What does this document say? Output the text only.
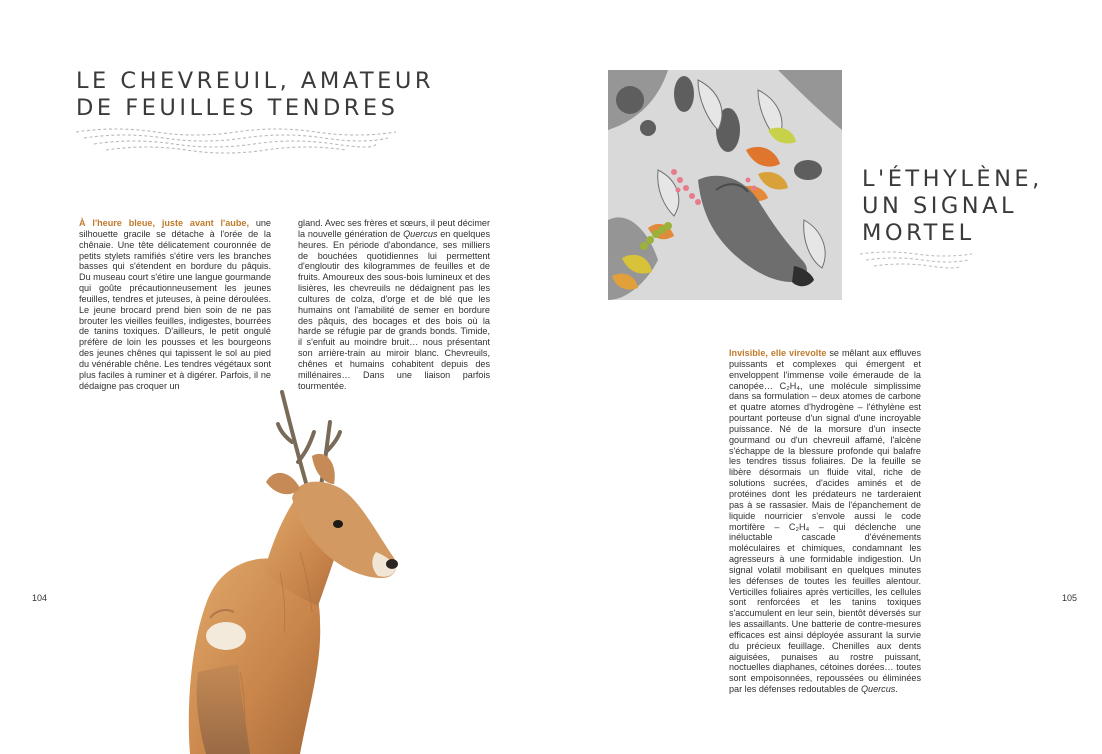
LE CHEVREUIL, AMATEUR
DE FEUILLES TENDRES

À l'heure bleue, juste avant l'aube, une silhouette gracile se détache à l'orée de la chênaie. Une tête délicatement couronnée de petits stylets ramifiés s'étire vers les branches basses qui s'étendent en bordure du pâquis. Du museau court s'étire une langue gourmande qui goûte précautionneusement les jeunes feuilles, tendres et juteuses, à peine déroulées. Le jeune brocard prend bien soin de ne pas brouter les vieilles feuilles, indigestes, bourrées de tanins toxiques. D'ailleurs, le petit ongulé préfère de loin les pousses et les bourgeons des jeunes chênes qui tapissent le sol au pied du vénérable chêne. Les tendres végétaux sont plus faciles à ruminer et à digérer. Parfois, il ne dédaigne pas croquer un

gland. Avec ses frères et sœurs, il peut décimer la nouvelle génération de Quercus en quelques heures. En période d'abondance, ses milliers de bouchées quotidiennes lui permettent d'engloutir des kilogrammes de feuilles et de fruits. Amoureux des sous-bois lumineux et des lisières, les chevreuils ne dédaignent pas les cultures de colza, d'orge et de blé que les humains ont l'amabilité de semer en bordure des pâquis, des bocages et des bois où la harde se réfugie par de grands bonds. Timide, il s'enfuit au moindre bruit… nous présentant son arrière-train au miroir blanc. Chevreuils, chênes et humains cohabitent depuis des millénaires… Dans une liaison parfois tourmentée.

104
L'ÉTHYLÈNE,
UN SIGNAL
MORTEL

Invisible, elle virevolte se mêlant aux effluves puissants et complexes qui émergent et enveloppent l'immense voile émeraude de la canopée… C₂H₄, une molécule simplissime dans sa formulation – deux atomes de carbone et quatre atomes d'hydrogène – l'éthylène est pourtant porteuse d'un signal d'une incroyable puissance. Né de la morsure d'un insecte gourmand ou d'un chevreuil affamé, l'alcène s'échappe de la blessure profonde qui balafre les tendres tissus foliaires. De la feuille se libère désormais un fluide vital, riche de solutions sucrées, d'acides aminés et de protéines dont les prédateurs ne tarderaient pas à se rassasier. Mais de l'épanchement de liquide nourricier s'envole aussi le code mortifère – C₂H₄ – qui déclenche une inéluctable cascade d'événements moléculaires et chimiques, condamnant les agresseurs à une formidable indigestion. Un signal volatil mobilisant en quelques minutes les défenses de toutes les feuilles alentour. Verticilles foliaires après verticilles, les cellules sont renforcées et les tanins toxiques s'accumulent en leur sein, bientôt déversés sur les assaillants. Une batterie de contre-mesures efficaces est ainsi déployée assurant la survie du précieux feuillage. Chenilles aux dents aiguisées, punaises au rostre puissant, noctuelles diaphanes, cétoines dorées… toutes sont empoisonnées, repoussées ou éliminées par les défenses redoutables de Quercus.

105
